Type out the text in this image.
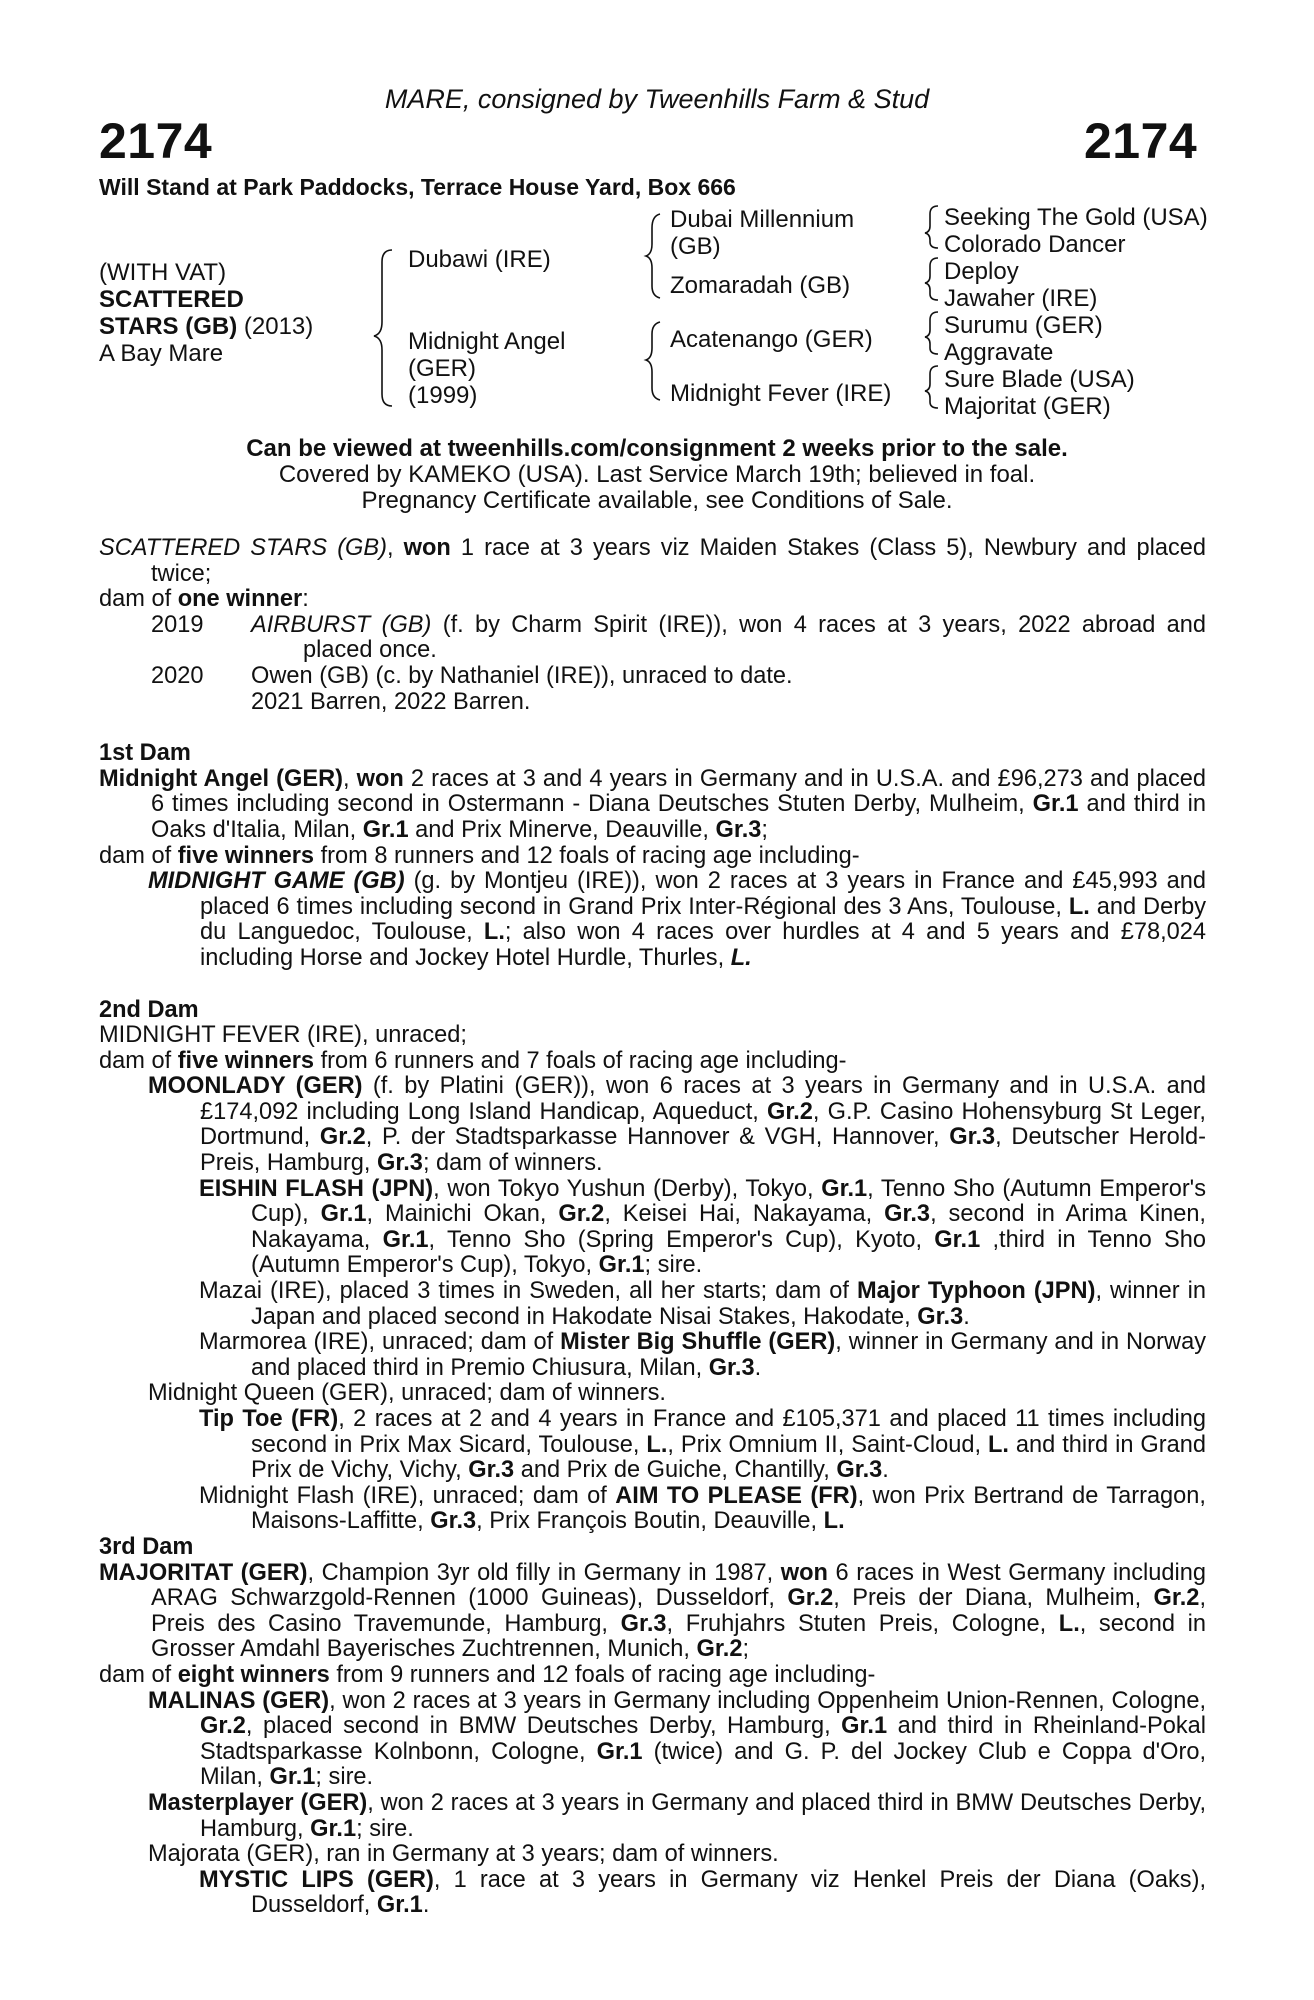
MARE, consigned by Tweenhills Farm & Stud
2174	2174
Will Stand at Park Paddocks, Terrace House Yard, Box 666
(WITH VAT)
SCATTERED
STARS (GB) (2013)
A Bay Mare
Dubawi (IRE)
Midnight Angel
(GER)
(1999)
Dubai Millennium
(GB)
Zomaradah (GB)
Acatenango (GER)
Midnight Fever (IRE)
Seeking The Gold (USA)
Colorado Dancer
Deploy
Jawaher (IRE)
Surumu (GER)
Aggravate
Sure Blade (USA)
Majoritat (GER)
Can be viewed at tweenhills.com/consignment 2 weeks prior to the sale.
Covered by KAMEKO (USA). Last Service March 19th; believed in foal.
Pregnancy Certificate available, see Conditions of Sale.

SCATTERED STARS (GB), won 1 race at 3 years viz Maiden Stakes (Class 5), Newbury and placed twice;

dam of one winner:

2019	AIRBURST (GB) (f. by Charm Spirit (IRE)), won 4 races at 3 years, 2022 abroad and placed once.
2020	Owen (GB) (c. by Nathaniel (IRE)), unraced to date.

2021 Barren, 2022 Barren.

1st Dam

Midnight Angel (GER), won 2 races at 3 and 4 years in Germany and in U.S.A. and £96,273 and placed 6 times including second in Ostermann - Diana Deutsches Stuten Derby, Mulheim, Gr.1 and third in Oaks d'Italia, Milan, Gr.1 and Prix Minerve, Deauville, Gr.3;

dam of five winners from 8 runners and 12 foals of racing age including-

MIDNIGHT GAME (GB) (g. by Montjeu (IRE)), won 2 races at 3 years in France and £45,993 and placed 6 times including second in Grand Prix Inter-Régional des 3 Ans, Toulouse, L. and Derby du Languedoc, Toulouse, L.; also won 4 races over hurdles at 4 and 5 years and £78,024 including Horse and Jockey Hotel Hurdle, Thurles, L.

2nd Dam

MIDNIGHT FEVER (IRE), unraced;

dam of five winners from 6 runners and 7 foals of racing age including-

MOONLADY (GER) (f. by Platini (GER)), won 6 races at 3 years in Germany and in U.S.A. and £174,092 including Long Island Handicap, Aqueduct, Gr.2, G.P. Casino Hohensyburg St Leger, Dortmund, Gr.2, P. der Stadtsparkasse Hannover & VGH, Hannover, Gr.3, Deutscher Herold-Preis, Hamburg, Gr.3; dam of winners.

EISHIN FLASH (JPN), won Tokyo Yushun (Derby), Tokyo, Gr.1, Tenno Sho (Autumn Emperor's Cup), Gr.1, Mainichi Okan, Gr.2, Keisei Hai, Nakayama, Gr.3, second in Arima Kinen, Nakayama, Gr.1, Tenno Sho (Spring Emperor's Cup), Kyoto, Gr.1 ,third in Tenno Sho (Autumn Emperor's Cup), Tokyo, Gr.1; sire.

Mazai (IRE), placed 3 times in Sweden, all her starts; dam of Major Typhoon (JPN), winner in Japan and placed second in Hakodate Nisai Stakes, Hakodate, Gr.3.

Marmorea (IRE), unraced; dam of Mister Big Shuffle (GER), winner in Germany and in Norway and placed third in Premio Chiusura, Milan, Gr.3.

Midnight Queen (GER), unraced; dam of winners.

Tip Toe (FR), 2 races at 2 and 4 years in France and £105,371 and placed 11 times including second in Prix Max Sicard, Toulouse, L., Prix Omnium II, Saint-Cloud, L. and third in Grand Prix de Vichy, Vichy, Gr.3 and Prix de Guiche, Chantilly, Gr.3.

Midnight Flash (IRE), unraced; dam of AIM TO PLEASE (FR), won Prix Bertrand de Tarragon, Maisons-Laffitte, Gr.3, Prix François Boutin, Deauville, L.

3rd Dam

MAJORITAT (GER), Champion 3yr old filly in Germany in 1987, won 6 races in West Germany including ARAG Schwarzgold-Rennen (1000 Guineas), Dusseldorf, Gr.2, Preis der Diana, Mulheim, Gr.2, Preis des Casino Travemunde, Hamburg, Gr.3, Fruhjahrs Stuten Preis, Cologne, L., second in Grosser Amdahl Bayerisches Zuchtrennen, Munich, Gr.2;

dam of eight winners from 9 runners and 12 foals of racing age including-

MALINAS (GER), won 2 races at 3 years in Germany including Oppenheim Union-Rennen, Cologne, Gr.2, placed second in BMW Deutsches Derby, Hamburg, Gr.1 and third in Rheinland-Pokal Stadtsparkasse Kolnbonn, Cologne, Gr.1 (twice) and G. P. del Jockey Club e Coppa d'Oro, Milan, Gr.1; sire.

Masterplayer (GER), won 2 races at 3 years in Germany and placed third in BMW Deutsches Derby, Hamburg, Gr.1; sire.

Majorata (GER), ran in Germany at 3 years; dam of winners.

MYSTIC LIPS (GER), 1 race at 3 years in Germany viz Henkel Preis der Diana (Oaks), Dusseldorf, Gr.1.
